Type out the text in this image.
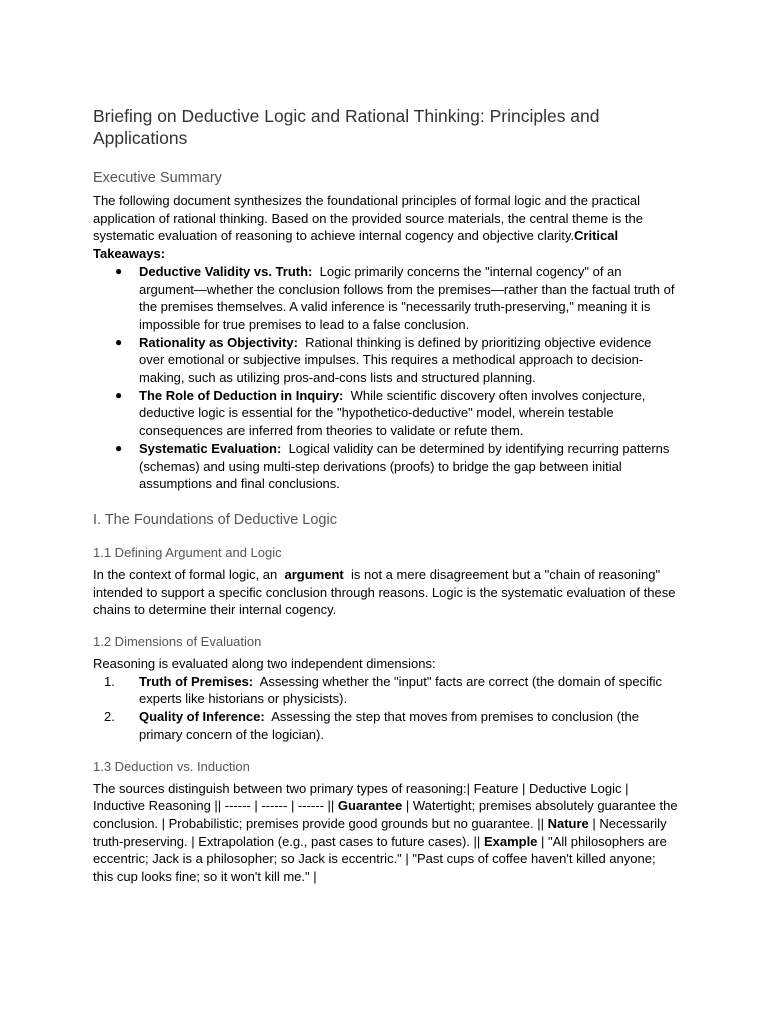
Briefing on Deductive Logic and Rational Thinking: Principles and Applications
Executive Summary

The following document synthesizes the foundational principles of formal logic and the practical application of rational thinking. Based on the provided source materials, the central theme is the systematic evaluation of reasoning to achieve internal cogency and objective clarity.Critical Takeaways:

●	Deductive Validity vs. Truth: Logic primarily concerns the "internal cogency" of an argument—whether the conclusion follows from the premises—rather than the factual truth of the premises themselves. A valid inference is "necessarily truth-preserving," meaning it is impossible for true premises to lead to a false conclusion.
●	Rationality as Objectivity: Rational thinking is defined by prioritizing objective evidence over emotional or subjective impulses. This requires a methodical approach to decision-making, such as utilizing pros-and-cons lists and structured planning.
●	The Role of Deduction in Inquiry: While scientific discovery often involves conjecture, deductive logic is essential for the "hypothetico-deductive" model, wherein testable consequences are inferred from theories to validate or refute them.
●	Systematic Evaluation: Logical validity can be determined by identifying recurring patterns (schemas) and using multi-step derivations (proofs) to bridge the gap between initial assumptions and final conclusions.
I. The Foundations of Deductive Logic
1.1 Defining Argument and Logic

In the context of formal logic, an argument is not a mere disagreement but a "chain of reasoning" intended to support a specific conclusion through reasons. Logic is the systematic evaluation of these chains to determine their internal cogency.

1.2 Dimensions of Evaluation

Reasoning is evaluated along two independent dimensions:

1.	Truth of Premises: Assessing whether the "input" facts are correct (the domain of specific experts like historians or physicists).
2.	Quality of Inference: Assessing the step that moves from premises to conclusion (the primary concern of the logician).
1.3 Deduction vs. Induction

The sources distinguish between two primary types of reasoning:| Feature | Deductive Logic | Inductive Reasoning || ------ | ------ | ------ || Guarantee | Watertight; premises absolutely guarantee the conclusion. | Probabilistic; premises provide good grounds but no guarantee. || Nature | Necessarily truth-preserving. | Extrapolation (e.g., past cases to future cases). || Example | "All philosophers are eccentric; Jack is a philosopher; so Jack is eccentric." | "Past cups of coffee haven't killed anyone; this cup looks fine; so it won't kill me." |
